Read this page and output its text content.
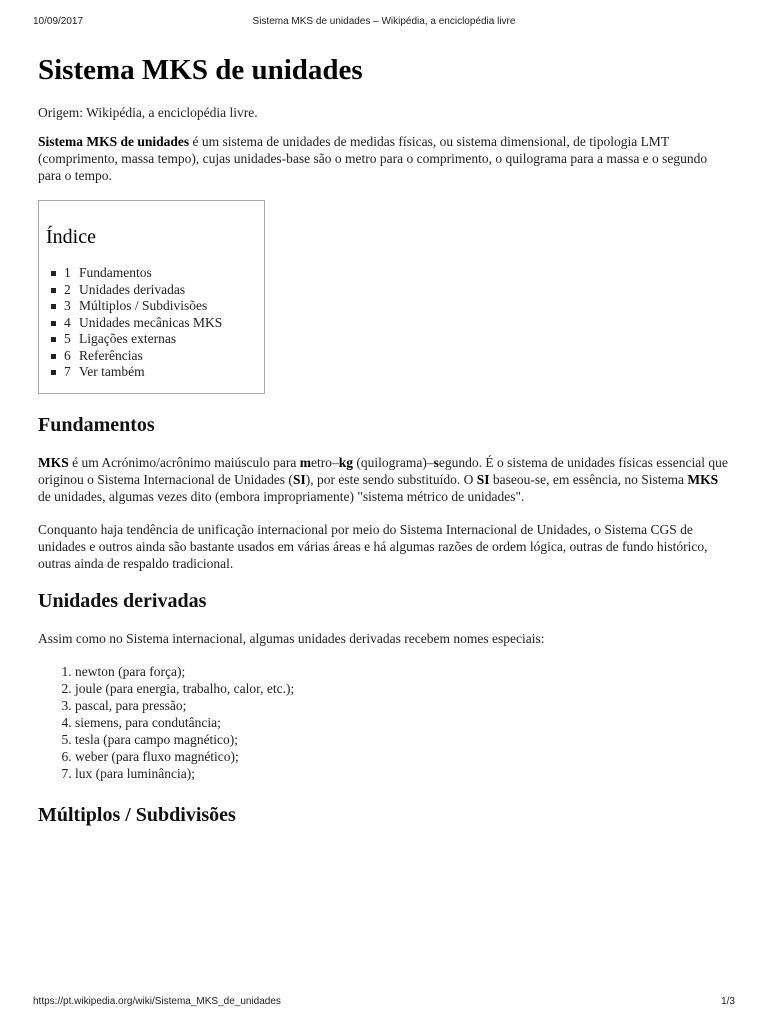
10/09/2017	Sistema MKS de unidades – Wikipédia, a enciclopédia livre
Sistema MKS de unidades
Origem: Wikipédia, a enciclopédia livre.

Sistema MKS de unidades é um sistema de unidades de medidas físicas, ou sistema dimensional, de tipologia LMT (comprimento, massa tempo), cujas unidades-base são o metro para o comprimento, o quilograma para a massa e o segundo para o tempo.

Índice
1 Fundamentos
2 Unidades derivadas
3 Múltiplos / Subdivisões
4 Unidades mecânicas MKS
5 Ligações externas
6 Referências
7 Ver também
Fundamentos

MKS é um Acrónimo/acrônimo maiúsculo para metro–kg (quilograma)–segundo. É o sistema de unidades físicas essencial que originou o Sistema Internacional de Unidades (SI), por este sendo substituído. O SI baseou-se, em essência, no Sistema MKS de unidades, algumas vezes dito (embora impropriamente) "sistema métrico de unidades".

Conquanto haja tendência de unificação internacional por meio do Sistema Internacional de Unidades, o Sistema CGS de unidades e outros ainda são bastante usados em várias áreas e há algumas razões de ordem lógica, outras de fundo histórico, outras ainda de respaldo tradicional.

Unidades derivadas

Assim como no Sistema internacional, algumas unidades derivadas recebem nomes especiais:

1. newton (para força);
2. joule (para energia, trabalho, calor, etc.);
3. pascal, para pressão;
4. siemens, para condutância;
5. tesla (para campo magnético);
6. weber (para fluxo magnético);
7. lux (para luminância);
Múltiplos / Subdivisões
https://pt.wikipedia.org/wiki/Sistema_MKS_de_unidades	1/3
